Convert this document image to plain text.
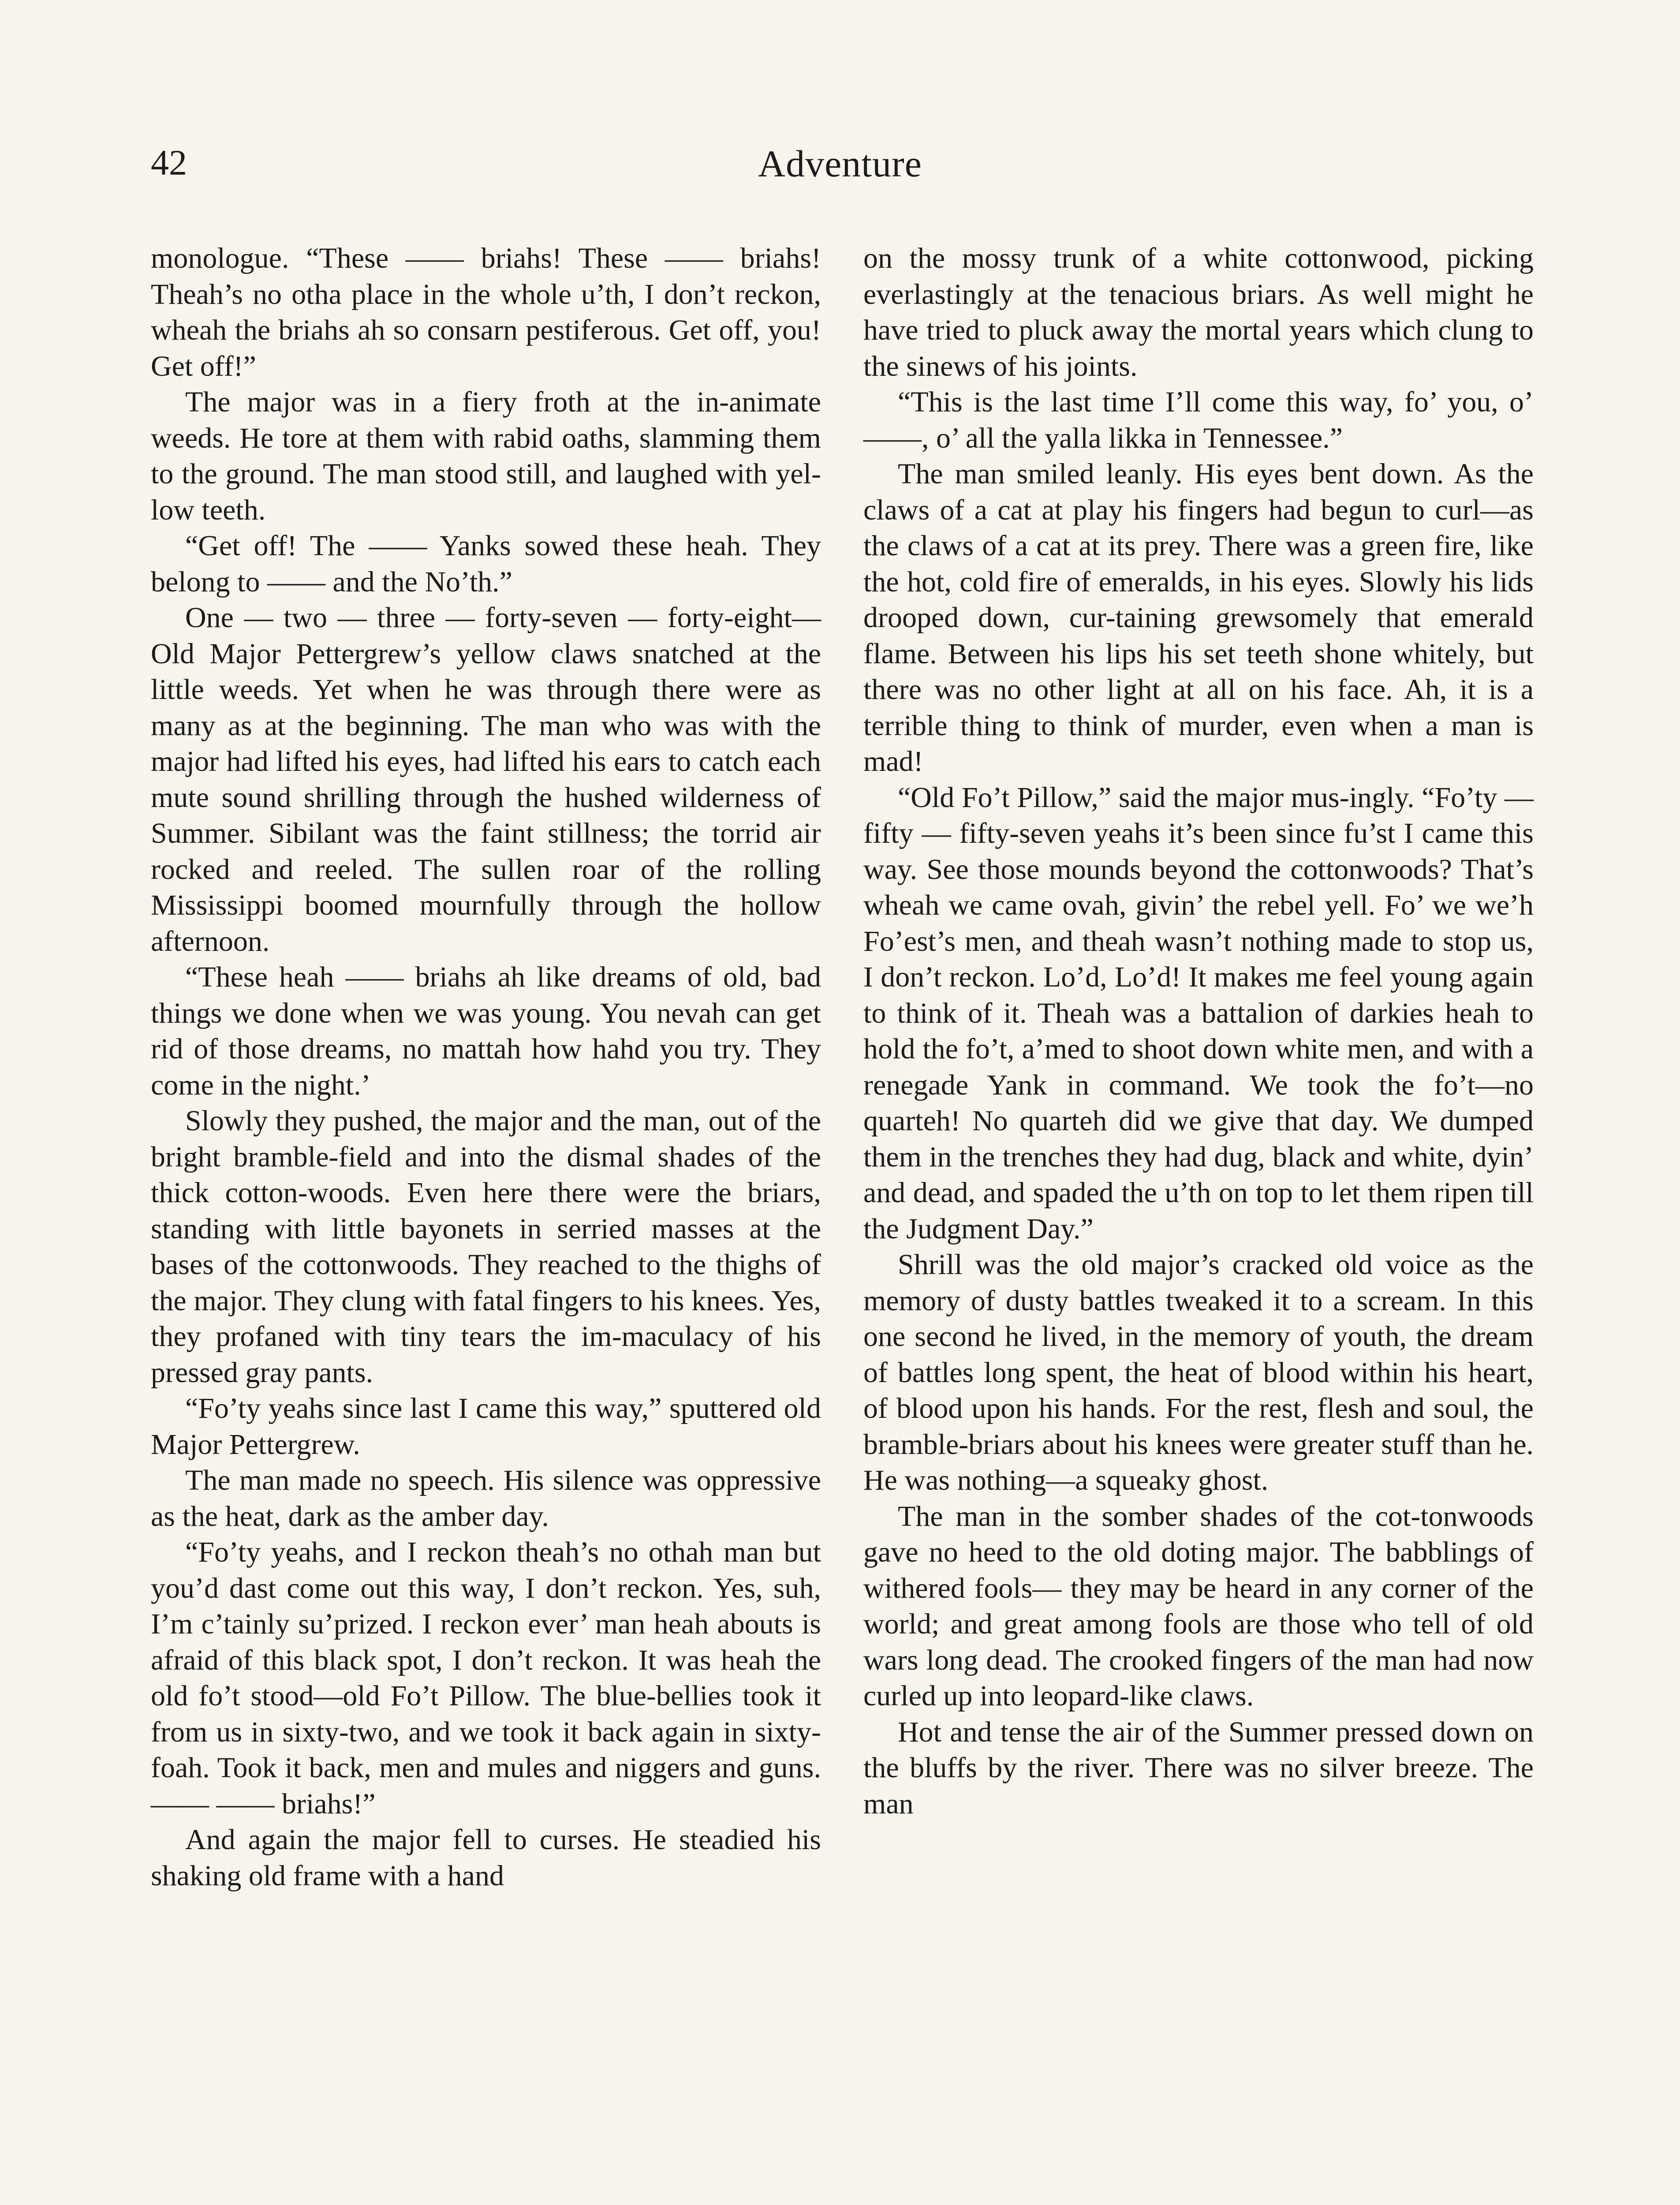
42	Adventure

monologue. “These —— briahs! These —— briahs! Theah’s no otha place in the whole u’th, I don’t reckon, wheah the briahs ah so consarn pestiferous. Get off, you! Get off!”

The major was in a fiery froth at the in-animate weeds. He tore at them with rabid oaths, slamming them to the ground. The man stood still, and laughed with yel-low teeth.

“Get off! The —— Yanks sowed these heah. They belong to —— and the No’th.”

One — two — three — forty-seven — forty-eight— Old Major Pettergrew’s yellow claws snatched at the little weeds. Yet when he was through there were as many as at the beginning. The man who was with the major had lifted his eyes, had lifted his ears to catch each mute sound shrilling through the hushed wilderness of Summer. Sibilant was the faint stillness; the torrid air rocked and reeled. The sullen roar of the rolling Mississippi boomed mournfully through the hollow afternoon.

“These heah —— briahs ah like dreams of old, bad things we done when we was young. You nevah can get rid of those dreams, no mattah how hahd you try. They come in the night.’

Slowly they pushed, the major and the man, out of the bright bramble-field and into the dismal shades of the thick cotton-woods. Even here there were the briars, standing with little bayonets in serried masses at the bases of the cottonwoods. They reached to the thighs of the major. They clung with fatal fingers to his knees. Yes, they profaned with tiny tears the im-maculacy of his pressed gray pants.

“Fo’ty yeahs since last I came this way,” sputtered old Major Pettergrew.

The man made no speech. His silence was oppressive as the heat, dark as the amber day.

“Fo’ty yeahs, and I reckon theah’s no othah man but you’d dast come out this way, I don’t reckon. Yes, suh, I’m c’tainly su’prized. I reckon ever’ man heah abouts is afraid of this black spot, I don’t reckon. It was heah the old fo’t stood—old Fo’t Pillow. The blue-bellies took it from us in sixty-two, and we took it back again in sixty-foah. Took it back, men and mules and niggers and guns. —— —— briahs!”

And again the major fell to curses. He steadied his shaking old frame with a hand

on the mossy trunk of a white cottonwood, picking everlastingly at the tenacious briars. As well might he have tried to pluck away the mortal years which clung to the sinews of his joints.

“This is the last time I’ll come this way, fo’ you, o’ ——, o’ all the yalla likka in Tennessee.”

The man smiled leanly. His eyes bent down. As the claws of a cat at play his fingers had begun to curl—as the claws of a cat at its prey. There was a green fire, like the hot, cold fire of emeralds, in his eyes. Slowly his lids drooped down, cur-taining grewsomely that emerald flame. Between his lips his set teeth shone whitely, but there was no other light at all on his face. Ah, it is a terrible thing to think of murder, even when a man is mad!

“Old Fo’t Pillow,” said the major mus-ingly. “Fo’ty — fifty — fifty-seven yeahs it’s been since fu’st I came this way. See those mounds beyond the cottonwoods? That’s wheah we came ovah, givin’ the rebel yell. Fo’ we we’h Fo’est’s men, and theah wasn’t nothing made to stop us, I don’t reckon. Lo’d, Lo’d! It makes me feel young again to think of it. Theah was a battalion of darkies heah to hold the fo’t, a’med to shoot down white men, and with a renegade Yank in command. We took the fo’t—no quarteh! No quarteh did we give that day. We dumped them in the trenches they had dug, black and white, dyin’ and dead, and spaded the u’th on top to let them ripen till the Judgment Day.”

Shrill was the old major’s cracked old voice as the memory of dusty battles tweaked it to a scream. In this one second he lived, in the memory of youth, the dream of battles long spent, the heat of blood within his heart, of blood upon his hands. For the rest, flesh and soul, the bramble-briars about his knees were greater stuff than he. He was nothing—a squeaky ghost.

The man in the somber shades of the cot-tonwoods gave no heed to the old doting major. The babblings of withered fools— they may be heard in any corner of the world; and great among fools are those who tell of old wars long dead. The crooked fingers of the man had now curled up into leopard-like claws.

Hot and tense the air of the Summer pressed down on the bluffs by the river. There was no silver breeze. The man
